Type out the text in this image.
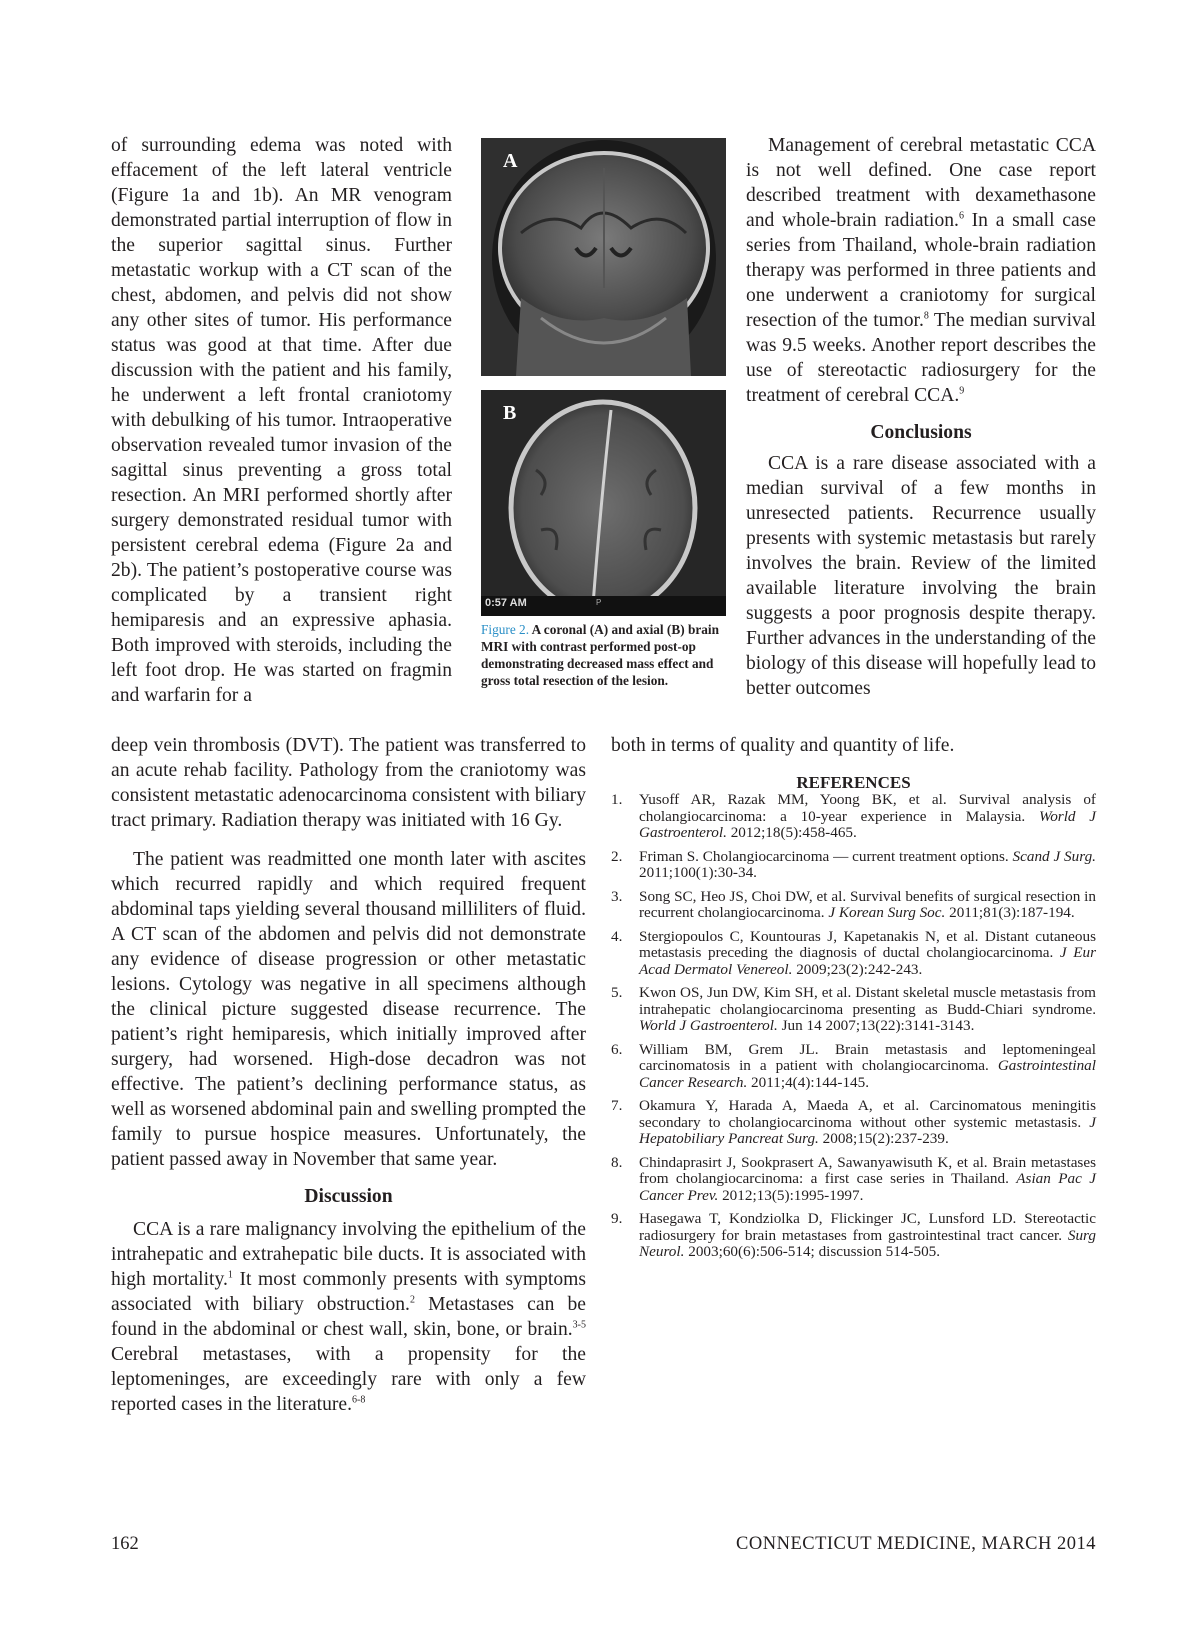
of surrounding edema was noted with effacement of the left lateral ventricle (Figure 1a and 1b). An MR venogram demonstrated partial interruption of flow in the superior sagittal sinus. Further metastatic workup with a CT scan of the chest, abdomen, and pelvis did not show any other sites of tumor. His performance status was good at that time. After due discussion with the patient and his family, he underwent a left frontal craniotomy with debulking of his tumor. Intraoperative observation revealed tumor invasion of the sagittal sinus preventing a gross total resection. An MRI performed shortly after surgery demonstrated residual tumor with persistent cerebral edema (Figure 2a and 2b). The patient’s postoperative course was complicated by a transient right hemiparesis and an expressive aphasia. Both improved with steroids, including the left foot drop. He was started on fragmin and warfarin for a

deep vein thrombosis (DVT). The patient was transferred to an acute rehab facility. Pathology from the craniotomy was consistent metastatic adenocarcinoma consistent with biliary tract primary. Radiation therapy was initiated with 16 Gy.

The patient was readmitted one month later with ascites which recurred rapidly and which required frequent abdominal taps yielding several thousand milliliters of fluid. A CT scan of the abdomen and pelvis did not demonstrate any evidence of disease progression or other metastatic lesions. Cytology was negative in all specimens although the clinical picture suggested disease recurrence. The patient’s right hemiparesis, which initially improved after surgery, had worsened. High-dose decadron was not effective. The patient’s declining performance status, as well as worsened abdominal pain and swelling prompted the family to pursue hospice measures. Unfortunately, the patient passed away in November that same year.

Discussion

CCA is a rare malignancy involving the epithelium of the intrahepatic and extrahepatic bile ducts. It is associated with high mortality.$^1$ It most commonly presents with symptoms associated with biliary obstruction.$^2$ Metastases can be found in the abdominal or chest wall, skin, bone, or brain.$^{3-5}$ Cerebral metastases, with a propensity for the leptomeninges, are exceedingly rare with only a few reported cases in the literature.$^{6-8}$

A
B
0:57 AM	P
Figure 2. A coronal (A) and axial (B) brain MRI with contrast performed post-op demonstrating decreased mass effect and gross total resection of the lesion.

Management of cerebral metastatic CCA is not well defined. One case report described treatment with dexamethasone and whole-brain radiation.$^6$ In a small case series from Thailand, whole-brain radiation therapy was performed in three patients and one underwent a craniotomy for surgical resection of the tumor.$^8$ The median survival was 9.5 weeks. Another report describes the use of stereotactic radiosurgery for the treatment of cerebral CCA.$^9$

Conclusions

CCA is a rare disease associated with a median survival of a few months in unresected patients. Recurrence usually presents with systemic metastasis but rarely involves the brain. Review of the limited available literature involving the brain suggests a poor prognosis despite therapy. Further advances in the understanding of the biology of this disease will hopefully lead to better outcomes

both in terms of quality and quantity of life.

REFERENCES
1.	Yusoff AR, Razak MM, Yoong BK, et al. Survival analysis of cholangiocarcinoma: a 10-year experience in Malaysia. World J Gastroenterol. 2012;18(5):458-465.
2.	Friman S. Cholangiocarcinoma — current treatment options. Scand J Surg. 2011;100(1):30-34.
3.	Song SC, Heo JS, Choi DW, et al. Survival benefits of surgical resection in recurrent cholangiocarcinoma. J Korean Surg Soc. 2011;81(3):187-194.
4.	Stergiopoulos C, Kountouras J, Kapetanakis N, et al. Distant cutaneous metastasis preceding the diagnosis of ductal cholangiocarcinoma. J Eur Acad Dermatol Venereol. 2009;23(2):242-243.
5.	Kwon OS, Jun DW, Kim SH, et al. Distant skeletal muscle metastasis from intrahepatic cholangiocarcinoma presenting as Budd-Chiari syndrome. World J Gastroenterol. Jun 14 2007;13(22):3141-3143.
6.	William BM, Grem JL. Brain metastasis and leptomeningeal carcinomatosis in a patient with cholangiocarcinoma. Gastrointestinal Cancer Research. 2011;4(4):144-145.
7.	Okamura Y, Harada A, Maeda A, et al. Carcinomatous meningitis secondary to cholangiocarcinoma without other systemic metastasis. J Hepatobiliary Pancreat Surg. 2008;15(2):237-239.
8.	Chindaprasirt J, Sookprasert A, Sawanyawisuth K, et al. Brain metastases from cholangiocarcinoma: a first case series in Thailand. Asian Pac J Cancer Prev. 2012;13(5):1995-1997.
9.	Hasegawa T, Kondziolka D, Flickinger JC, Lunsford LD. Stereotactic radiosurgery for brain metastases from gastrointestinal tract cancer. Surg Neurol. 2003;60(6):506-514; discussion 514-505.
162	CONNECTICUT MEDICINE, MARCH 2014
